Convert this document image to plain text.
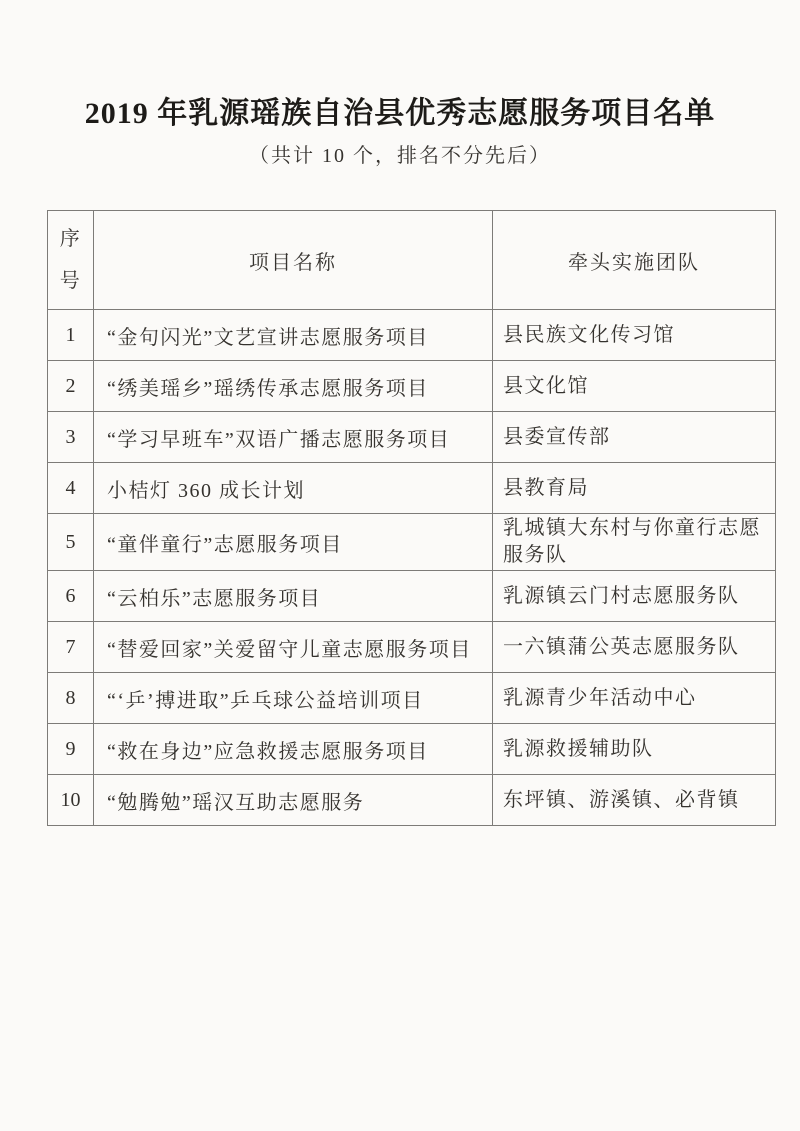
2019 年乳源瑶族自治县优秀志愿服务项目名单
（共计 10 个，排名不分先后）
序
号	项目名称	牵头实施团队
1	“金句闪光”文艺宣讲志愿服务项目	县民族文化传习馆
2	“绣美瑶乡”瑶绣传承志愿服务项目	县文化馆
3	“学习早班车”双语广播志愿服务项目	县委宣传部
4	小桔灯 360 成长计划	县教育局
5	“童伴童行”志愿服务项目	乳城镇大东村与你童行志愿服务队
6	“云柏乐”志愿服务项目	乳源镇云门村志愿服务队
7	“替爱回家”关爱留守儿童志愿服务项目	一六镇蒲公英志愿服务队
8	“‘乒’搏进取”乒乓球公益培训项目	乳源青少年活动中心
9	“救在身边”应急救援志愿服务项目	乳源救援辅助队
10	“勉腾勉”瑶汉互助志愿服务	东坪镇、游溪镇、必背镇
